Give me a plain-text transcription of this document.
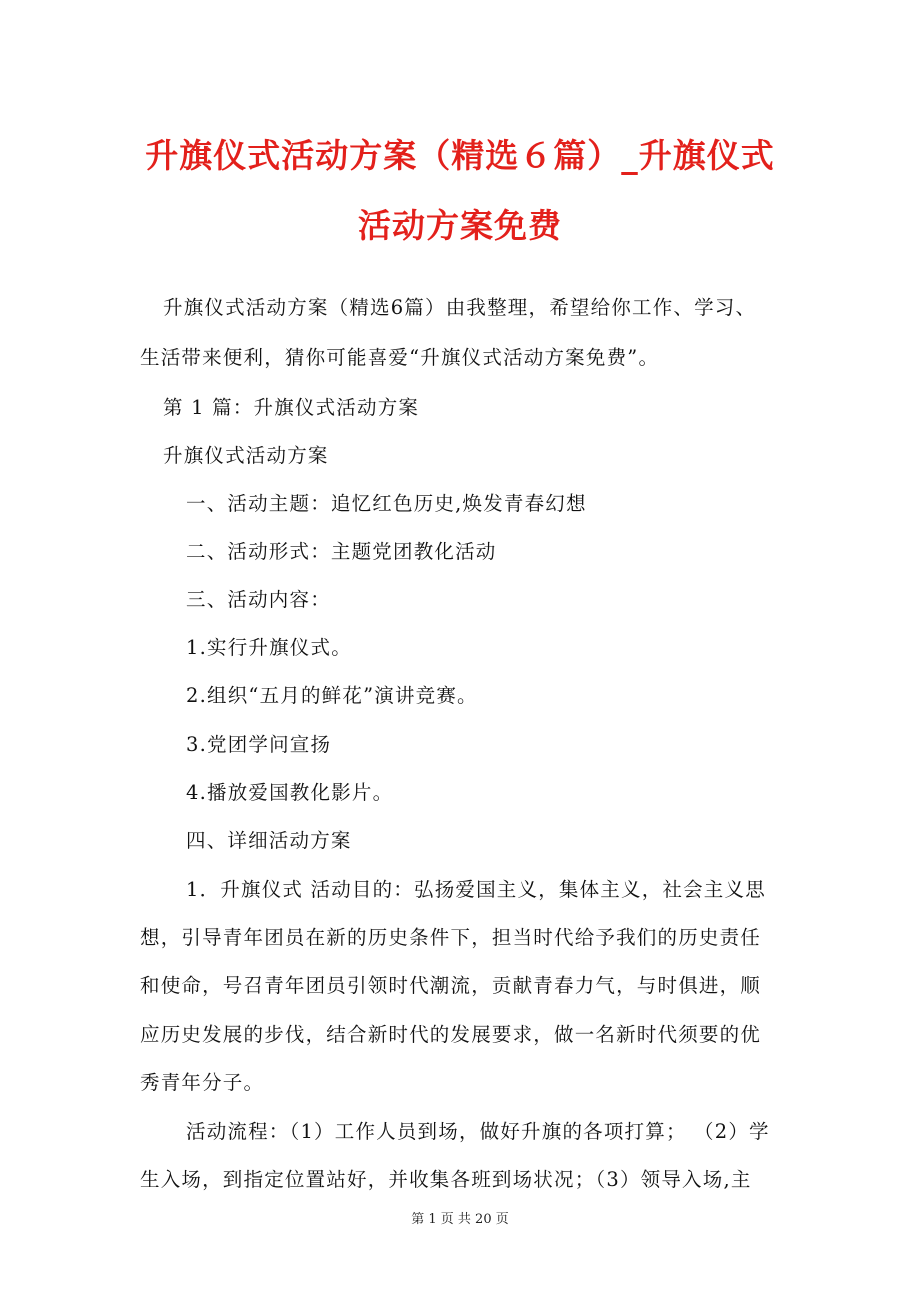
升旗仪式活动方案（精选６篇）_升旗仪式
活动方案免费
升旗仪式活动方案（精选6篇）由我整理，希望给你工作、学习、
生活带来便利，猜你可能喜爱“升旗仪式活动方案免费”。
第 1 篇：升旗仪式活动方案
升旗仪式活动方案
一、活动主题：追忆红色历史,焕发青春幻想
二、活动形式：主题党团教化活动
三、活动内容：
1.实行升旗仪式。
2.组织“五月的鲜花”演讲竞赛。
3.党团学问宣扬
4.播放爱国教化影片。
四、详细活动方案
1．升旗仪式 活动目的：弘扬爱国主义，集体主义，社会主义思
想，引导青年团员在新的历史条件下，担当时代给予我们的历史责任
和使命，号召青年团员引领时代潮流，贡献青春力气，与时俱进，顺
应历史发展的步伐，结合新时代的发展要求，做一名新时代须要的优
秀青年分子。
活动流程：（1）工作人员到场，做好升旗的各项打算； （2）学
生入场，到指定位置站好，并收集各班到场状况；（3）领导入场,主
第 1 页 共 20 页
